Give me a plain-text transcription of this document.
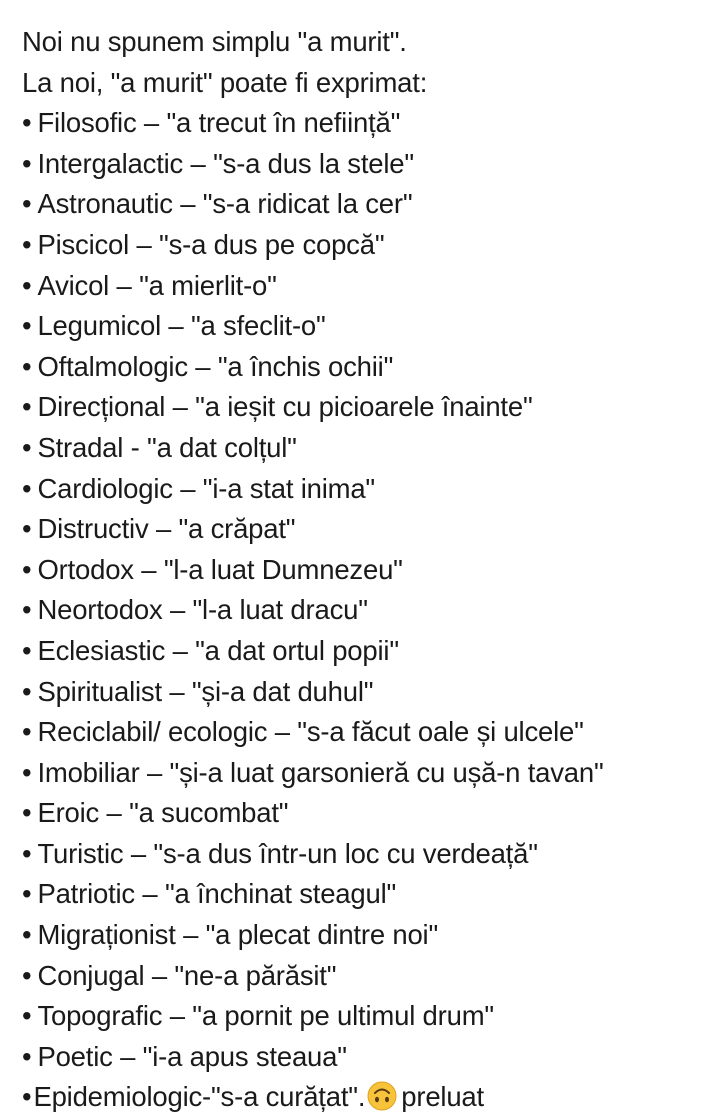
Noi nu spunem simplu "a murit".
La noi, "a murit" poate fi exprimat:
• Filosofic – "a trecut în neființă"
• Intergalactic – "s-a dus la stele"
• Astronautic – "s-a ridicat la cer"
• Piscicol – "s-a dus pe copcă"
• Avicol – "a mierlit-o"
• Legumicol – "a sfeclit-o"
• Oftalmologic – "a închis ochii"
• Direcțional – "a ieșit cu picioarele înainte"
• Stradal - "a dat colțul"
• Cardiologic – "i-a stat inima"
• Distructiv – "a crăpat"
• Ortodox – "l-a luat Dumnezeu"
• Neortodox – "l-a luat dracu"
• Eclesiastic – "a dat ortul popii"
• Spiritualist – "și-a dat duhul"
• Reciclabil/ ecologic – "s-a făcut oale și ulcele"
• Imobiliar – "și-a luat garsonieră cu ușă-n tavan"
• Eroic – "a sucombat"
• Turistic – "s-a dus într-un loc cu verdeață"
• Patriotic – "a închinat steagul"
• Migraționist – "a plecat dintre noi"
• Conjugal – "ne-a părăsit"
• Topografic – "a pornit pe ultimul drum"
• Poetic – "i-a apus steaua"
•Epidemiologic-"s-a curățat". preluat
